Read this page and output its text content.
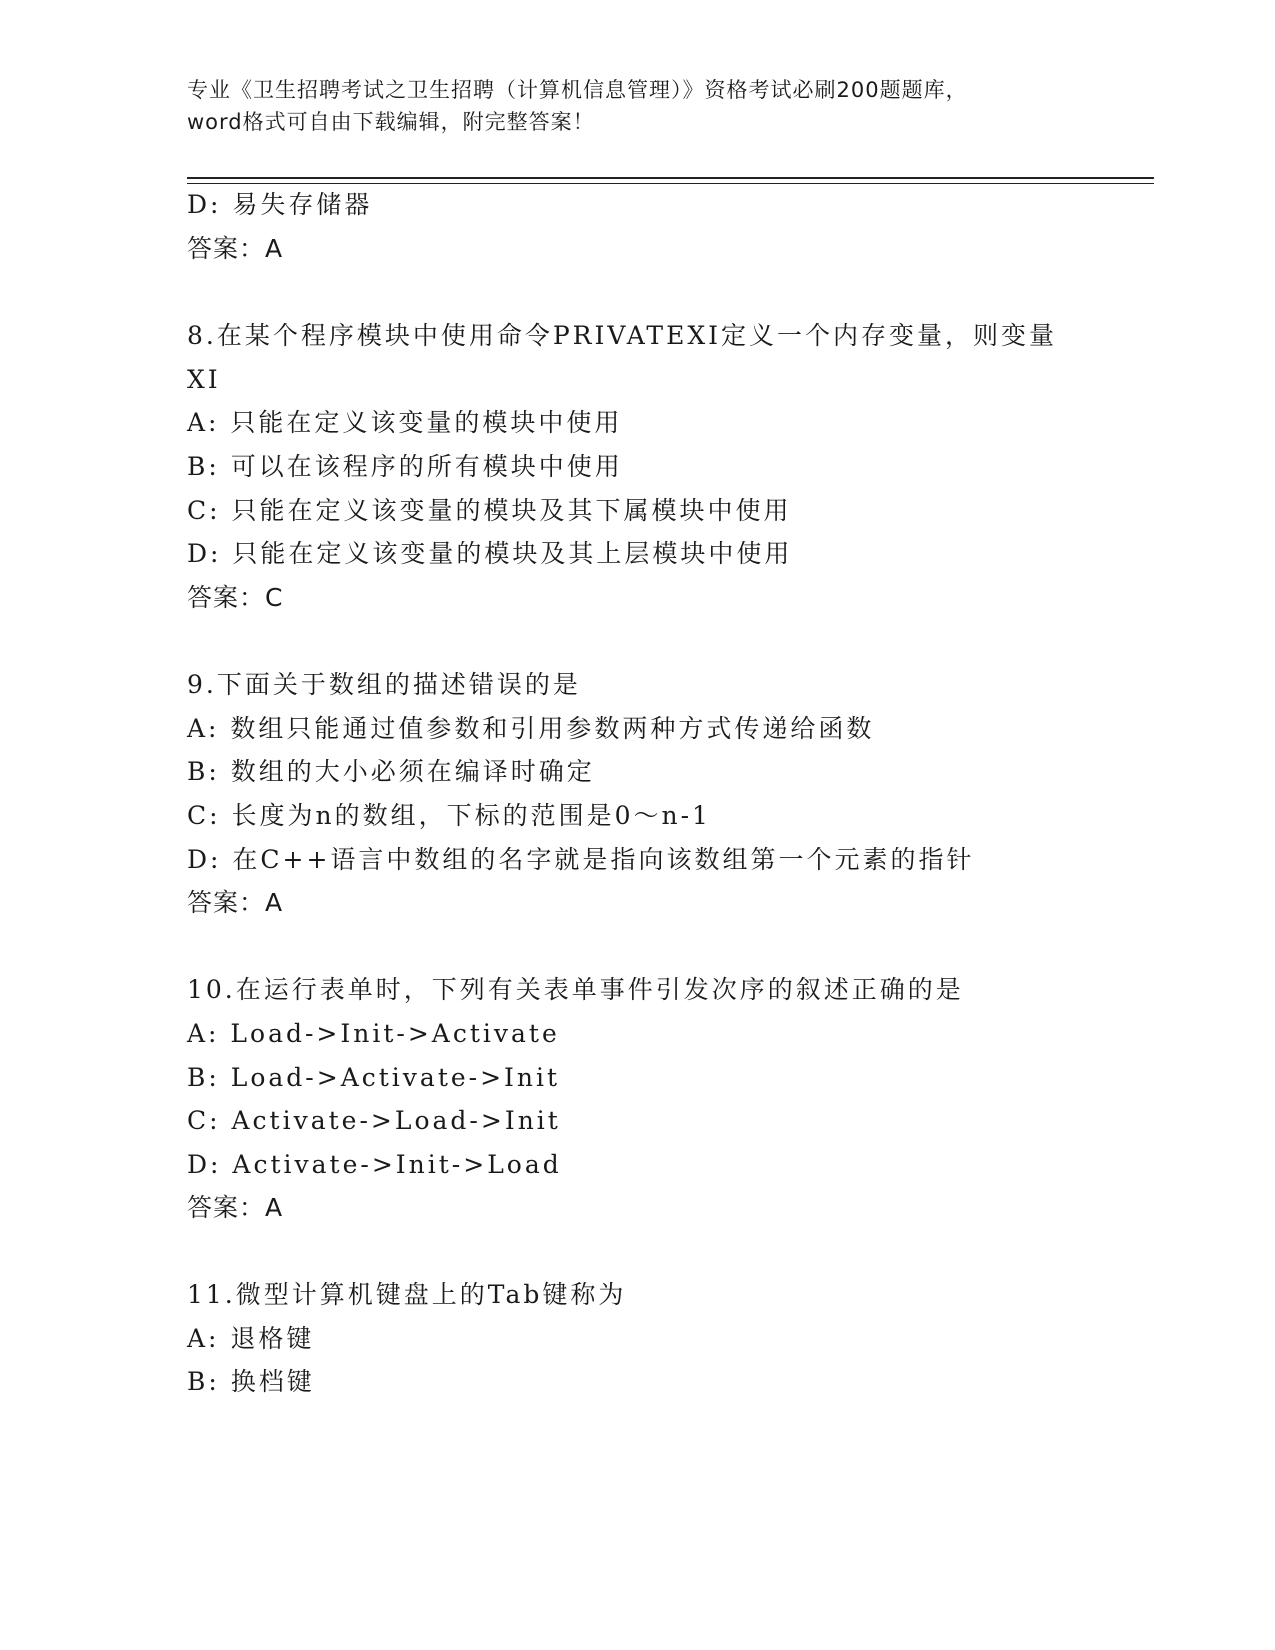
专业《卫生招聘考试之卫生招聘（计算机信息管理）》资格考试必刷200题题库，
word格式可自由下载编辑，附完整答案！
D: 易失存储器
答案：A
8.在某个程序模块中使用命令PRIVATEXI定义一个内存变量，则变量
XI
A: 只能在定义该变量的模块中使用
B: 可以在该程序的所有模块中使用
C: 只能在定义该变量的模块及其下属模块中使用
D: 只能在定义该变量的模块及其上层模块中使用
答案：C
9.下面关于数组的描述错误的是
A: 数组只能通过值参数和引用参数两种方式传递给函数
B: 数组的大小必须在编译时确定
C: 长度为n的数组，下标的范围是0～n-1
D: 在C++语言中数组的名字就是指向该数组第一个元素的指针
答案：A
10.在运行表单时，下列有关表单事件引发次序的叙述正确的是
A: Load->Init->Activate
B: Load->Activate->Init
C: Activate->Load->Init
D: Activate->Init->Load
答案：A
11.微型计算机键盘上的Tab键称为
A: 退格键
B: 换档键
